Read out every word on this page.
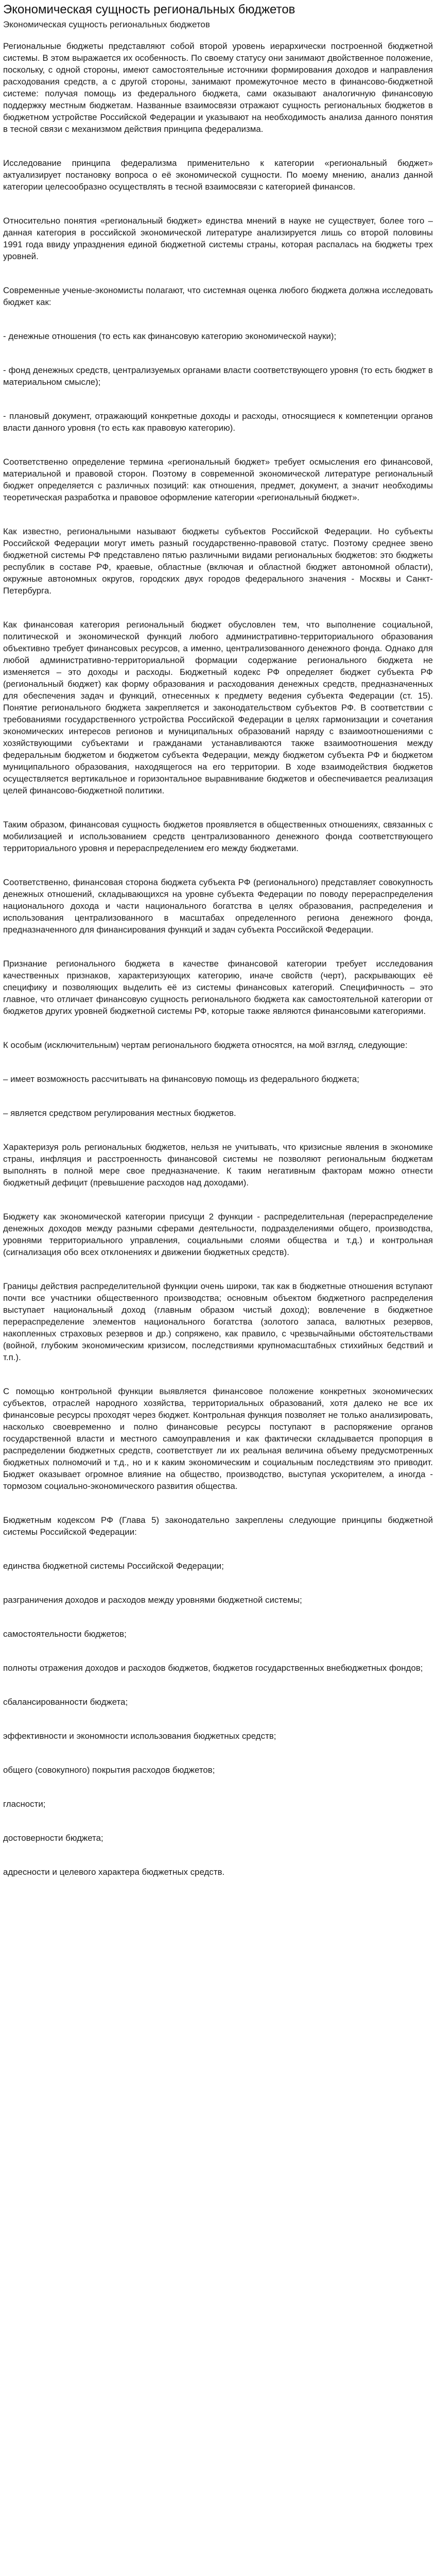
Экономическая сущность региональных бюджетов
Экономическая сущность региональных бюджетов

Региональные бюджеты представляют собой второй уровень иерархически построенной бюджетной системы. В этом выражается их особенность. По своему статусу они занимают двойственное положение, поскольку, с одной стороны, имеют самостоятельные источники формирования доходов и направления расходования средств, а с другой стороны, занимают промежуточное место в финансово-бюджетной системе: получая помощь из федерального бюджета, сами оказывают аналогичную финансовую поддержку местным бюджетам. Названные взаимосвязи отражают сущность региональных бюджетов в бюджетном устройстве Российской Федерации и указывают на необходимость анализа данного понятия в тесной связи с механизмом действия принципа федерализма.

Исследование принципа федерализма применительно к категории «региональный бюджет» актуализирует постановку вопроса о её экономической сущности. По моему мнению, анализ данной категории целесообразно осуществлять в тесной взаимосвязи с категорией финансов.

Относительно понятия «региональный бюджет» единства мнений в науке не существует, более того – данная категория в российской экономической литературе анализируется лишь со второй половины 1991 года ввиду упразднения единой бюджетной системы страны, которая распалась на бюджеты трех уровней.

Современные ученые-экономисты полагают, что системная оценка любого бюджета должна исследовать бюджет как:

- денежные отношения (то есть как финансовую категорию экономической науки);

- фонд денежных средств, централизуемых органами власти соответствующего уровня (то есть бюджет в материальном смысле);

- плановый документ, отражающий конкретные доходы и расходы, относящиеся к компетенции органов власти данного уровня (то есть как правовую категорию).

Соответственно определение термина «региональный бюджет» требует осмысления его финансовой, материальной и правовой сторон. Поэтому в современной экономической литературе региональный бюджет определяется с различных позиций: как отношения, предмет, документ, а значит необходимы теоретическая разработка и правовое оформление категории «региональный бюджет».

Как известно, региональными называют бюджеты субъектов Российской Федерации. Но субъекты Российской Федерации могут иметь разный государственно-правовой статус. Поэтому среднее звено бюджетной системы РФ представлено пятью различными видами региональных бюджетов: это бюджеты республик в составе РФ, краевые, областные (включая и областной бюджет автономной области), окружные автономных округов, городских двух городов федерального значения - Москвы и Санкт- Петербурга.

Как финансовая категория региональный бюджет обусловлен тем, что выполнение социальной, политической и экономической функций любого административно-территориального образования объективно требует финансовых ресурсов, а именно, централизованного денежного фонда. Однако для любой административно-территориальной формации содержание регионального бюджета не изменяется – это доходы и расходы. Бюджетный кодекс РФ определяет бюджет субъекта РФ (региональный бюджет) как форму образования и расходования денежных средств, предназначенных для обеспечения задач и функций, отнесенных к предмету ведения субъекта Федерации (ст. 15). Понятие регионального бюджета закрепляется и законодательством субъектов РФ. В соответствии с требованиями государственного устройства Российской Федерации в целях гармонизации и сочетания экономических интересов регионов и муниципальных образований наряду с взаимоотношениями с хозяйствующими субъектами и гражданами устанавливаются также взаимоотношения между федеральным бюджетом и бюджетом субъекта Федерации, между бюджетом субъекта РФ и бюджетом муниципального образования, находящегося на его территории. В ходе взаимодействия бюджетов осуществляется вертикальное и горизонтальное выравнивание бюджетов и обеспечивается реализация целей финансово-бюджетной политики.

Таким образом, финансовая сущность бюджетов проявляется в общественных отношениях, связанных с мобилизацией и использованием средств централизованного денежного фонда соответствующего территориального уровня и перераспределением его между бюджетами.

Соответственно, финансовая сторона бюджета субъекта РФ (регионального) представляет совокупность денежных отношений, складывающихся на уровне субъекта Федерации по поводу перераспределения национального дохода и части национального богатства в целях образования, распределения и использования централизованного в масштабах определенного региона денежного фонда, предназначенного для финансирования функций и задач субъекта Российской Федерации.

Признание регионального бюджета в качестве финансовой категории требует исследования качественных признаков, характеризующих категорию, иначе свойств (черт), раскрывающих её специфику и позволяющих выделить её из системы финансовых категорий. Специфичность – это главное, что отличает финансовую сущность регионального бюджета как самостоятельной категории от бюджетов других уровней бюджетной системы РФ, которые также являются финансовыми категориями.

К особым (исключительным) чертам регионального бюджета относятся, на мой взгляд, следующие:

– имеет возможность рассчитывать на финансовую помощь из федерального бюджета;

– является средством регулирования местных бюджетов.

Характеризуя роль региональных бюджетов, нельзя не учитывать, что кризисные явления в экономике страны, инфляция и расстроенность финансовой системы не позволяют региональным бюджетам выполнять в полной мере свое предназначение. К таким негативным факторам можно отнести бюджетный дефицит (превышение расходов над доходами).

Бюджету как экономической категории присущи 2 функции - распределительная (перераспределение денежных доходов между разными сферами деятельности, подразделениями общего, производства, уровнями территориального управления, социальными слоями общества и т.д.) и контрольная (сигнализация обо всех отклонениях и движении бюджетных средств).

Границы действия распределительной функции очень широки, так как в бюджетные отношения вступают почти все участники общественного производства; основным объектом бюджетного распределения выступает национальный доход (главным образом чистый доход); вовлечение в бюджетное перераспределение элементов национального богатства (золотого запаса, валютных резервов, накопленных страховых резервов и др.) сопряжено, как правило, с чрезвычайными обстоятельствами (войной, глубоким экономическим кризисом, последствиями крупномасштабных стихийных бедствий и т.п.).

С помощью контрольной функции выявляется финансовое положение конкретных экономических субъектов, отраслей народного хозяйства, территориальных образований, хотя далеко не все их финансовые ресурсы проходят через бюджет. Контрольная функция позволяет не только анализировать, насколько своевременно и полно финансовые ресурсы поступают в распоряжение органов государственной власти и местного самоуправления и как фактически складывается пропорция в распределении бюджетных средств, соответствует ли их реальная величина объему предусмотренных бюджетных полномочий и т.д., но и к каким экономическим и социальным последствиям это приводит. Бюджет оказывает огромное влияние на общество, производство, выступая ускорителем, а иногда - тормозом социально-экономического развития общества.

Бюджетным кодексом РФ (Глава 5) законодательно закреплены следующие принципы бюджетной системы Российской Федерации:

единства бюджетной системы Российской Федерации;

разграничения доходов и расходов между уровнями бюджетной системы;

самостоятельности бюджетов;

полноты отражения доходов и расходов бюджетов, бюджетов государственных внебюджетных фондов;

сбалансированности бюджета;

эффективности и экономности использования бюджетных средств;

общего (совокупного) покрытия расходов бюджетов;

гласности;

достоверности бюджета;

адресности и целевого характера бюджетных средств.
